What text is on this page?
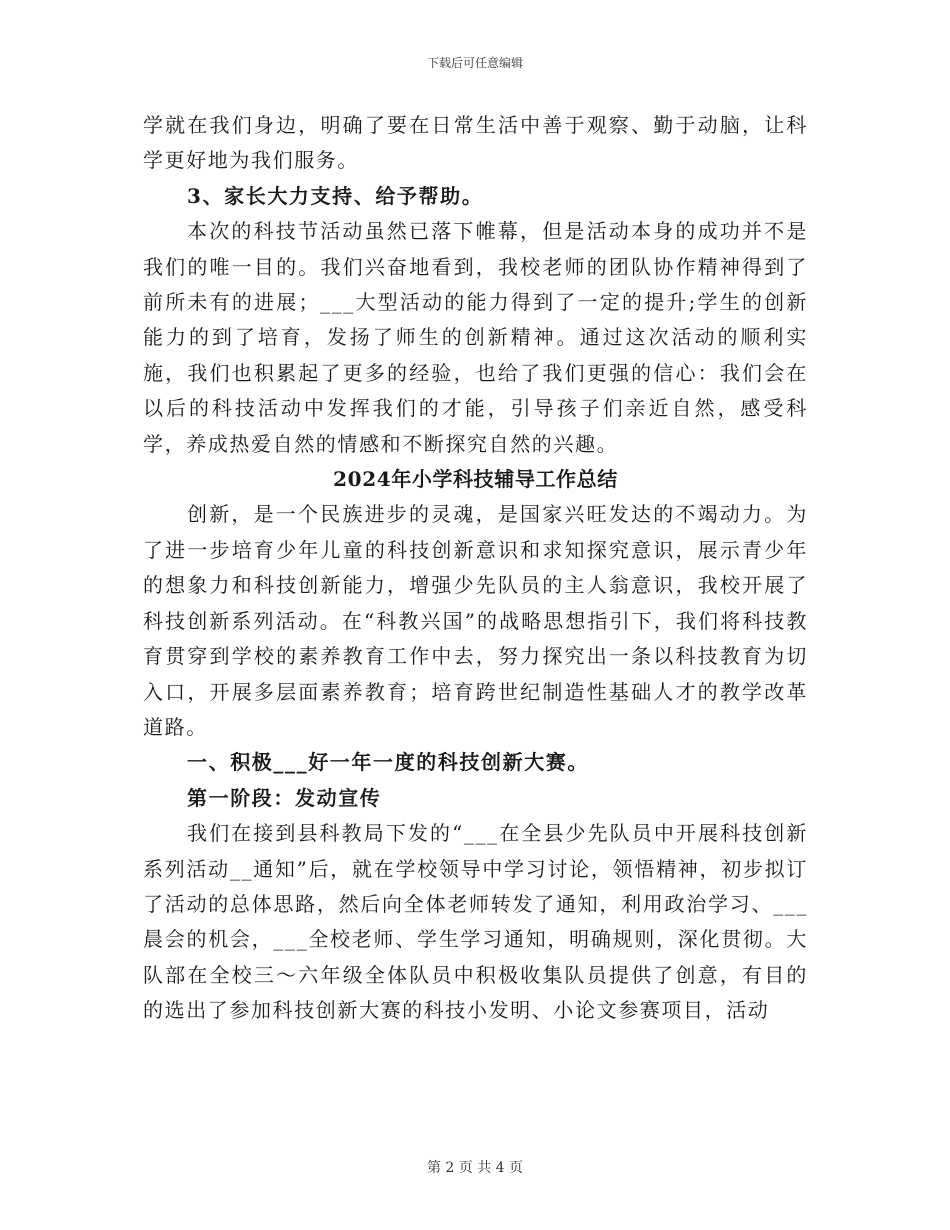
下载后可任意编辑

学就在我们身边，明确了要在日常生活中善于观察、勤于动脑，让科学更好地为我们服务。

3、家长大力支持、给予帮助。

本次的科技节活动虽然已落下帷幕，但是活动本身的成功并不是我们的唯一目的。我们兴奋地看到，我校老师的团队协作精神得到了前所未有的进展；___大型活动的能力得到了一定的提升;学生的创新能力的到了培育，发扬了师生的创新精神。通过这次活动的顺利实施，我们也积累起了更多的经验，也给了我们更强的信心：我们会在以后的科技活动中发挥我们的才能，引导孩子们亲近自然，感受科学，养成热爱自然的情感和不断探究自然的兴趣。

2024年小学科技辅导工作总结

创新，是一个民族进步的灵魂，是国家兴旺发达的不竭动力。为了进一步培育少年儿童的科技创新意识和求知探究意识，展示青少年的想象力和科技创新能力，增强少先队员的主人翁意识，我校开展了科技创新系列活动。在“科教兴国”的战略思想指引下，我们将科技教育贯穿到学校的素养教育工作中去，努力探究出一条以科技教育为切入口，开展多层面素养教育；培育跨世纪制造性基础人才的教学改革道路。

一、积极___好一年一度的科技创新大赛。

第一阶段：发动宣传

我们在接到县科教局下发的“___在全县少先队员中开展科技创新系列活动__通知”后，就在学校领导中学习讨论，领悟精神，初步拟订了活动的总体思路，然后向全体老师转发了通知，利用政治学习、___晨会的机会，___全校老师、学生学习通知，明确规则，深化贯彻。大队部在全校三～六年级全体队员中积极收集队员提供了创意，有目的的选出了参加科技创新大赛的科技小发明、小论文参赛项目，活动

第 2 页 共 4 页
